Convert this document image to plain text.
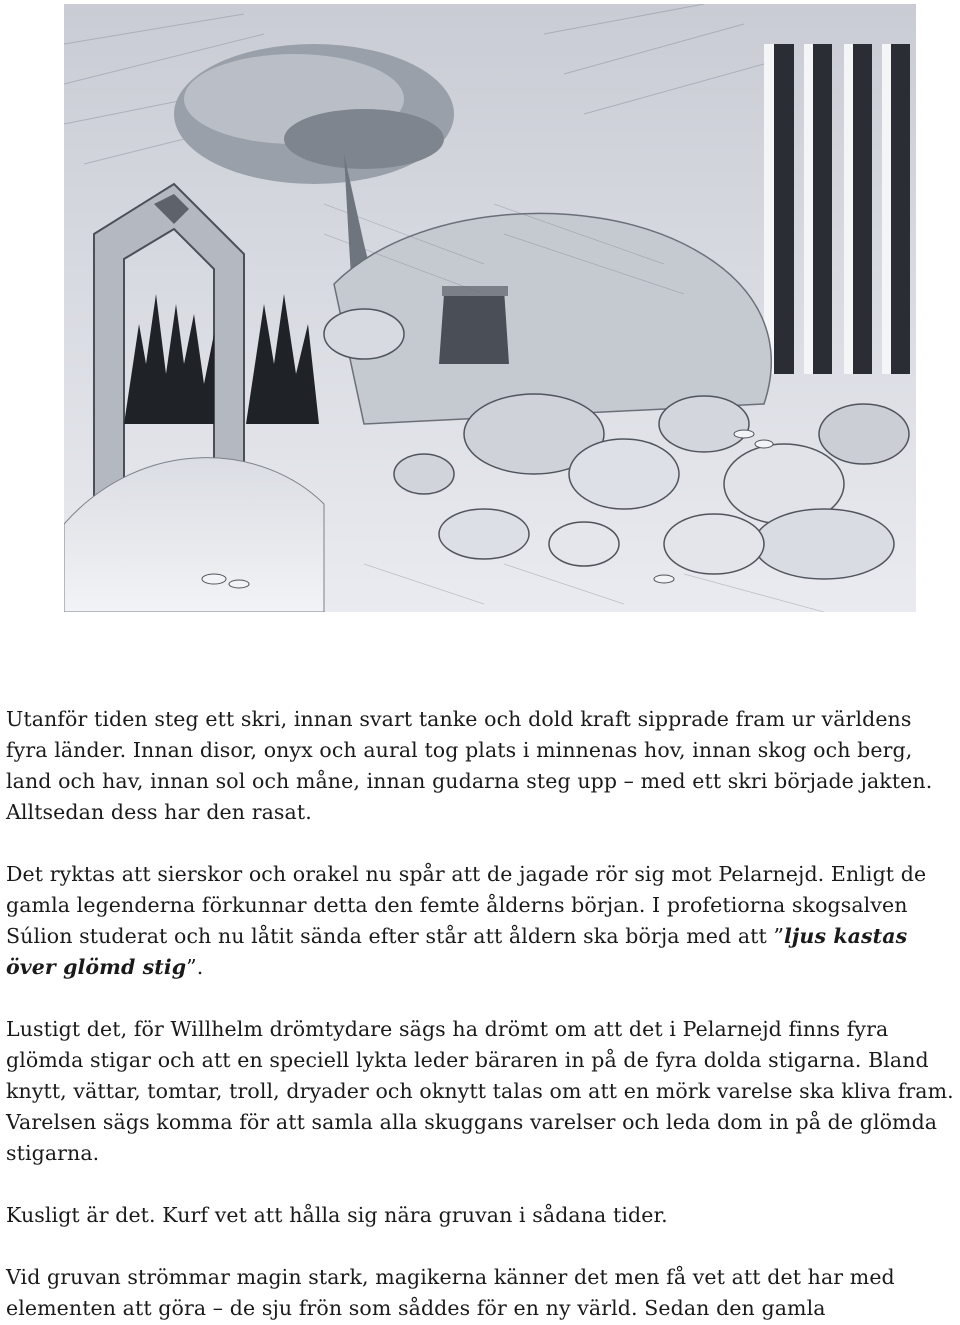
Utanför tiden steg ett skri, innan svart tanke och dold kraft sipprade fram ur världens fyra länder. Innan disor, onyx och aural tog plats i minnenas hov, innan skog och berg, land och hav, innan sol och måne, innan gudarna steg upp – med ett skri började jakten. Alltsedan dess har den rasat.

Det ryktas att sierskor och orakel nu spår att de jagade rör sig mot Pelarnejd. Enligt de gamla legenderna förkunnar detta den femte ålderns början. I profetiorna skogsalven Súlion studerat och nu låtit sända efter står att åldern ska börja med att ”ljus kastas över glömd stig”.

Lustigt det, för Willhelm drömtydare sägs ha drömt om att det i Pelarnejd finns fyra glömda stigar och att en speciell lykta leder bäraren in på de fyra dolda stigarna. Bland knytt, vättar, tomtar, troll, dryader och oknytt talas om att en mörk varelse ska kliva fram. Varelsen sägs komma för att samla alla skuggans varelser och leda dom in på de glömda stigarna.

Kusligt är det. Kurf vet att hålla sig nära gruvan i sådana tider.

Vid gruvan strömmar magin stark, magikerna känner det men få vet att det har med elementen att göra – de sju frön som såddes för en ny värld. Sedan den gamla
